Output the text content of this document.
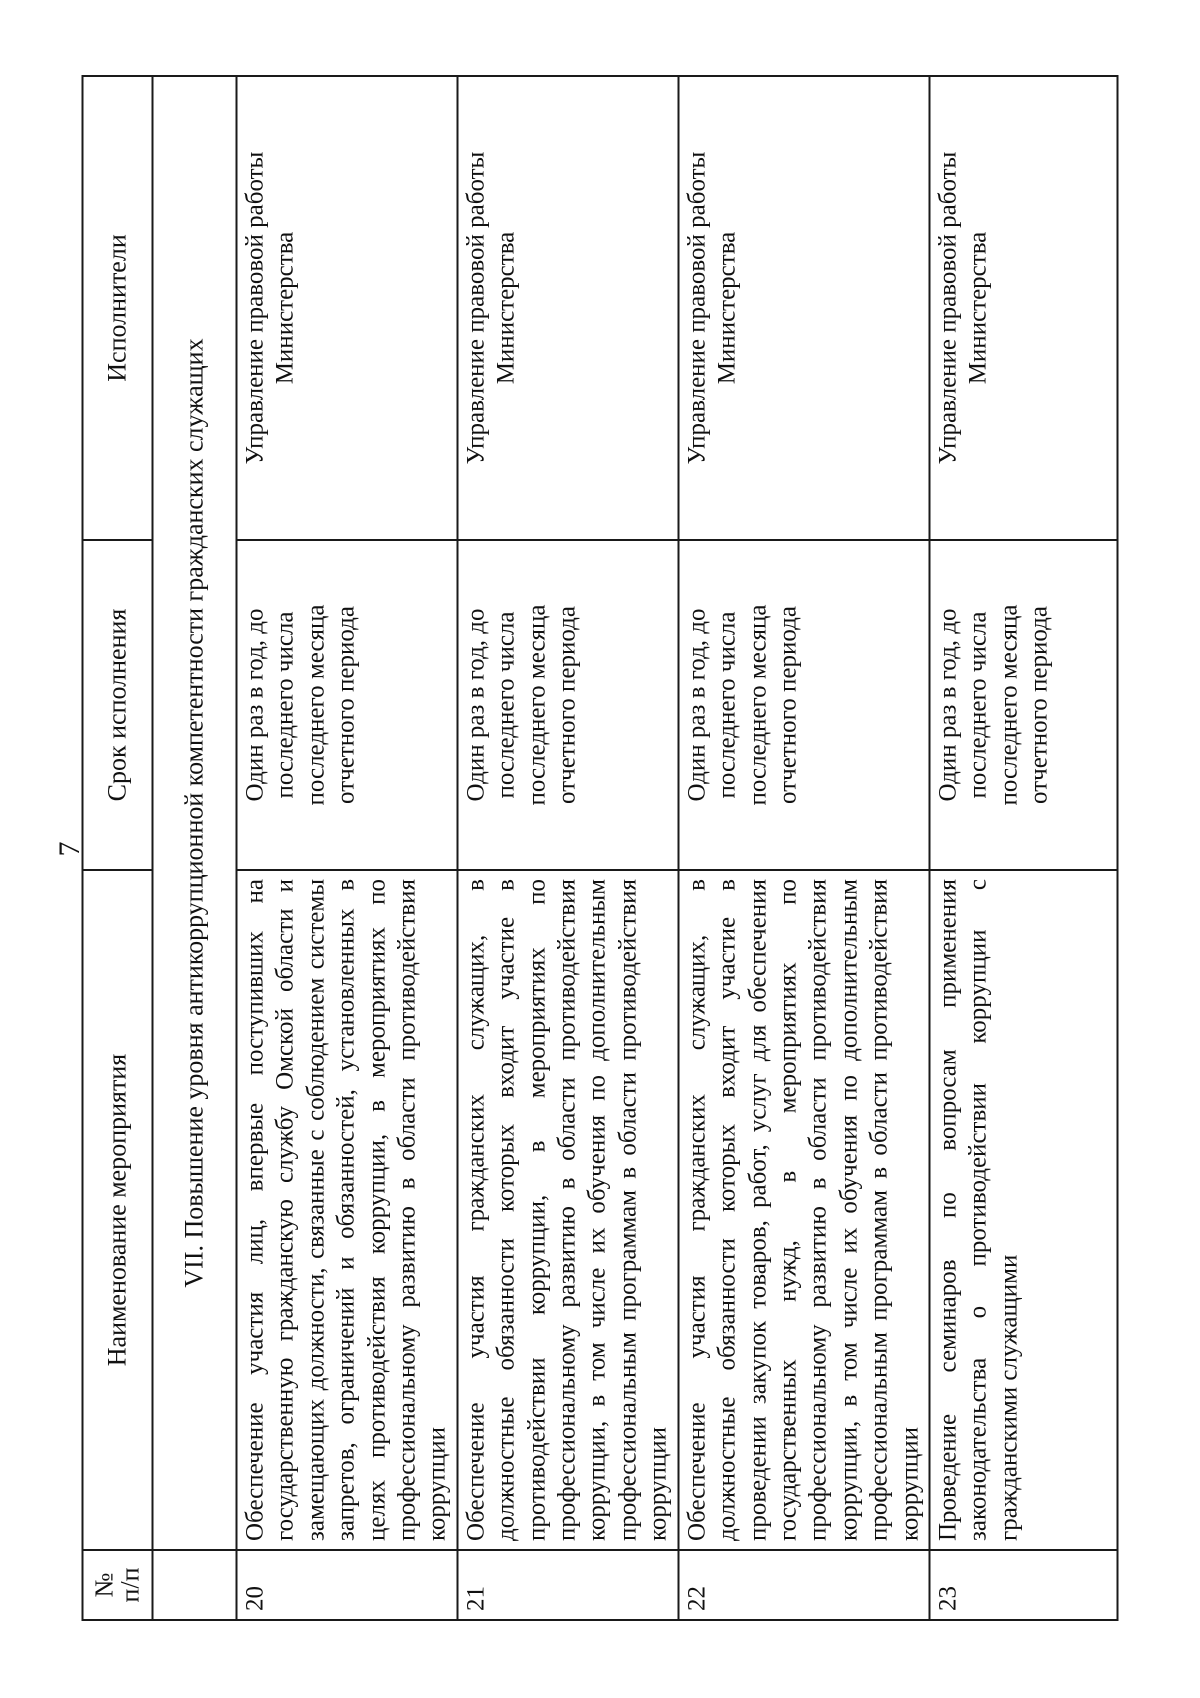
7
№ п/п	Наименование мероприятия	Срок исполнения	Исполнители
	VII. Повышение уровня антикоррупционной компетентности гражданских служащих		
20	Обеспечение участия лиц, впервые поступивших на государственную гражданскую службу Омской области и замещающих должности, связанные с соблюдением системы запретов, ограничений и обязанностей, установленных в целях противодействия коррупции, в мероприятиях по профессиональному развитию в области противодействия коррупции	Один раз в год, до последнего числа последнего месяца отчетного периода	Управление правовой работы Министерства
21	Обеспечение участия гражданских служащих, в должностные обязанности которых входит участие в противодействии коррупции, в мероприятиях по профессиональному развитию в области противодействия коррупции, в том числе их обучения по дополнительным профессиональным программам в области противодействия коррупции	Один раз в год, до последнего числа последнего месяца отчетного периода	Управление правовой работы Министерства
22	Обеспечение участия гражданских служащих, в должностные обязанности которых входит участие в проведении закупок товаров, работ, услуг для обеспечения государственных нужд, в мероприятиях по профессиональному развитию в области противодействия коррупции, в том числе их обучения по дополнительным профессиональным программам в области противодействия коррупции	Один раз в год, до последнего числа последнего месяца отчетного периода	Управление правовой работы Министерства
23	Проведение семинаров по вопросам применения законодательства о противодействии коррупции с гражданскими служащими	Один раз в год, до последнего числа последнего месяца отчетного периода	Управление правовой работы Министерства
